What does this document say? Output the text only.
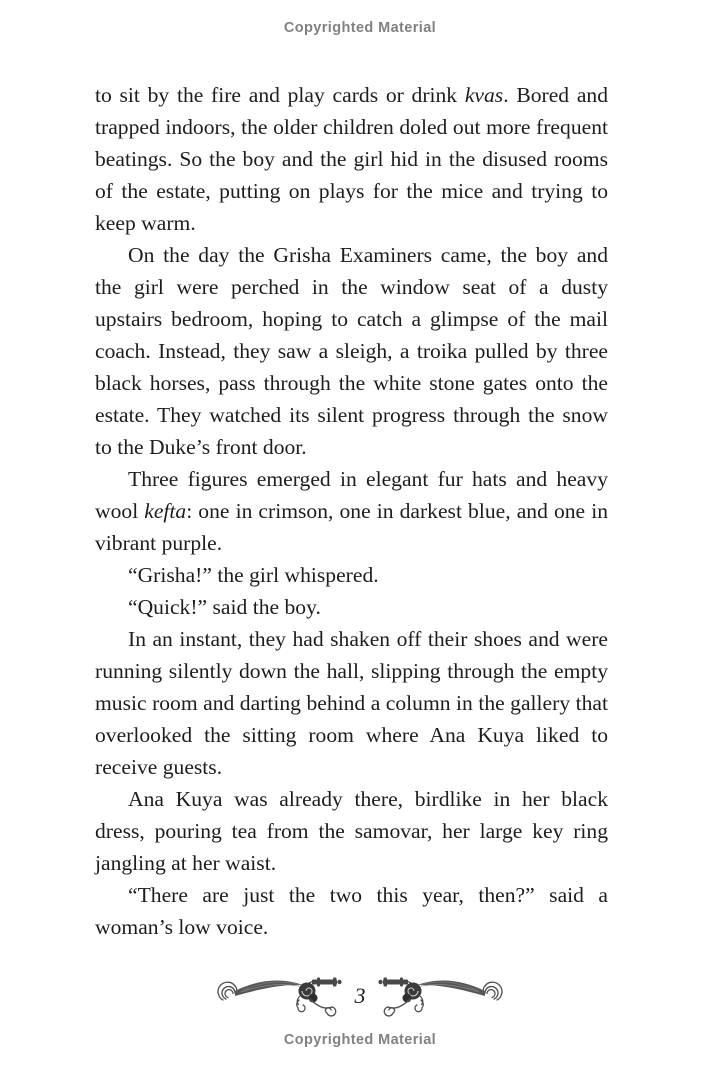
Copyrighted Material

to sit by the fire and play cards or drink kvas. Bored and trapped indoors, the older children doled out more frequent beatings. So the boy and the girl hid in the disused rooms of the estate, putting on plays for the mice and trying to keep warm.

On the day the Grisha Examiners came, the boy and the girl were perched in the window seat of a dusty upstairs bedroom, hoping to catch a glimpse of the mail coach. Instead, they saw a sleigh, a troika pulled by three black horses, pass through the white stone gates onto the estate. They watched its silent progress through the snow to the Duke’s front door.

Three figures emerged in elegant fur hats and heavy wool kefta: one in crimson, one in darkest blue, and one in vibrant purple.

“Grisha!” the girl whispered.

“Quick!” said the boy.

In an instant, they had shaken off their shoes and were running silently down the hall, slipping through the empty music room and darting behind a column in the gallery that overlooked the sitting room where Ana Kuya liked to receive guests.

Ana Kuya was already there, birdlike in her black dress, pouring tea from the samovar, her large key ring jangling at her waist.

“There are just the two this year, then?” said a woman’s low voice.

3
Copyrighted Material
